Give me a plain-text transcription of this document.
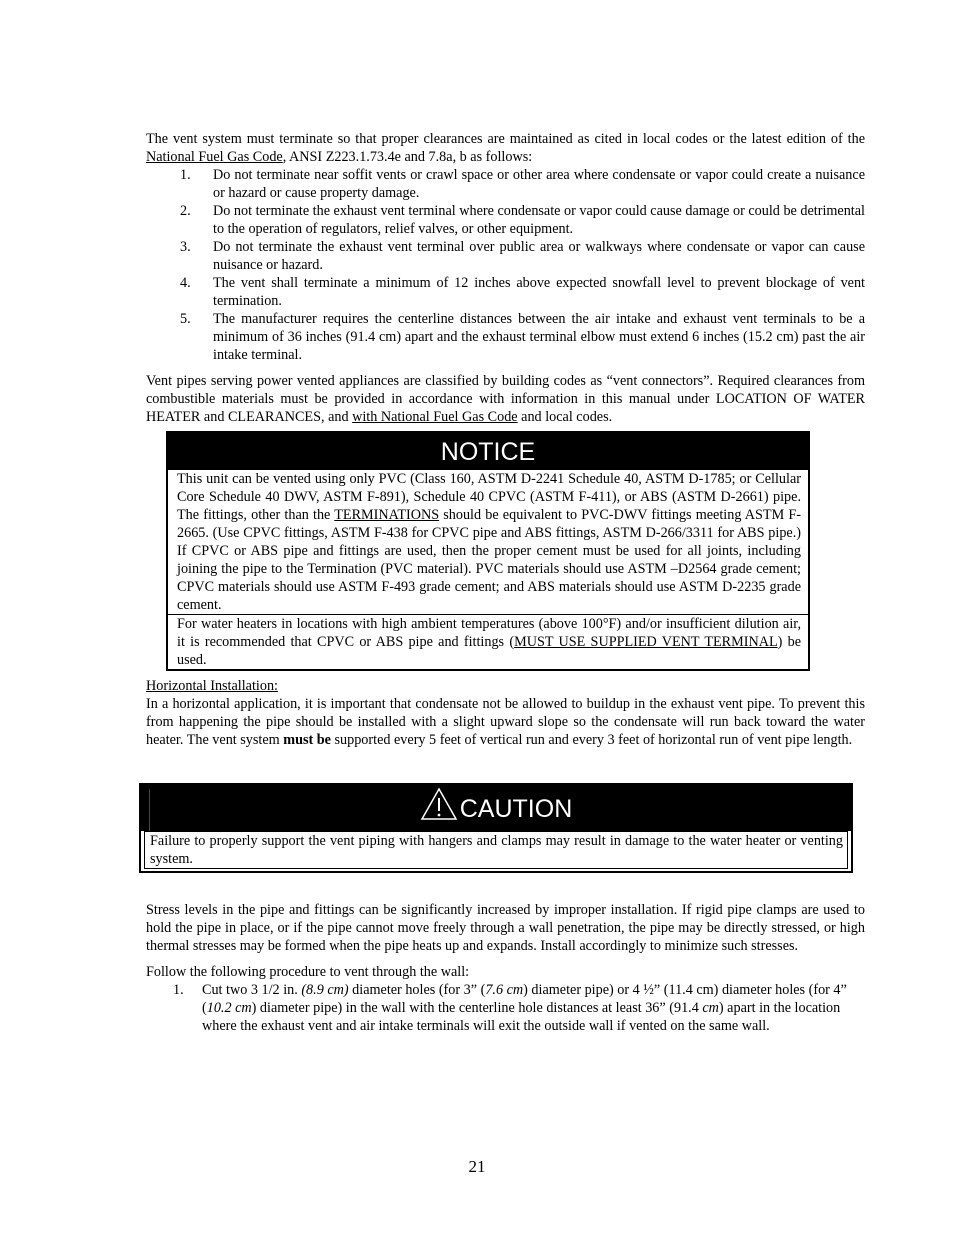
The vent system must terminate so that proper clearances are maintained as cited in local codes or the latest edition of the National Fuel Gas Code, ANSI Z223.1.73.4e and 7.8a, b as follows:

1.	Do not terminate near soffit vents or crawl space or other area where condensate or vapor could create a nuisance or hazard or cause property damage.
2.	Do not terminate the exhaust vent terminal where condensate or vapor could cause damage or could be detrimental to the operation of regulators, relief valves, or other equipment.
3.	Do not terminate the exhaust vent terminal over public area or walkways where condensate or vapor can cause nuisance or hazard.
4.	The vent shall terminate a minimum of 12 inches above expected snowfall level to prevent blockage of vent termination.
5.	The manufacturer requires the centerline distances between the air intake and exhaust vent terminals to be a minimum of 36 inches (91.4 cm) apart and the exhaust terminal elbow must extend 6 inches (15.2 cm) past the air intake terminal.

Vent pipes serving power vented appliances are classified by building codes as “vent connectors”. Required clearances from combustible materials must be provided in accordance with information in this manual under LOCATION OF WATER HEATER and CLEARANCES, and with National Fuel Gas Code and local codes.

NOTICE
This unit can be vented using only PVC (Class 160, ASTM D-2241 Schedule 40, ASTM D-1785; or Cellular Core Schedule 40 DWV, ASTM F-891), Schedule 40 CPVC (ASTM F-411), or ABS (ASTM D-2661) pipe. The fittings, other than the TERMINATIONS should be equivalent to PVC-DWV fittings meeting ASTM F-2665. (Use CPVC fittings, ASTM F-438 for CPVC pipe and ABS fittings, ASTM D-266/3311 for ABS pipe.) If CPVC or ABS pipe and fittings are used, then the proper cement must be used for all joints, including joining the pipe to the Termination (PVC material). PVC materials should use ASTM –D2564 grade cement; CPVC materials should use ASTM F-493 grade cement; and ABS materials should use ASTM D-2235 grade cement.
For water heaters in locations with high ambient temperatures (above 100°F) and/or insufficient dilution air, it is recommended that CPVC or ABS pipe and fittings (MUST USE SUPPLIED VENT TERMINAL) be used.

Horizontal Installation:

In a horizontal application, it is important that condensate not be allowed to buildup in the exhaust vent pipe. To prevent this from happening the pipe should be installed with a slight upward slope so the condensate will run back toward the water heater. The vent system must be supported every 5 feet of vertical run and every 3 feet of horizontal run of vent pipe length.

CAUTION
Failure to properly support the vent piping with hangers and clamps may result in damage to the water heater or venting system.

Stress levels in the pipe and fittings can be significantly increased by improper installation. If rigid pipe clamps are used to hold the pipe in place, or if the pipe cannot move freely through a wall penetration, the pipe may be directly stressed, or high thermal stresses may be formed when the pipe heats up and expands. Install accordingly to minimize such stresses.

Follow the following procedure to vent through the wall:

1.	Cut two 3 1/2 in. (8.9 cm) diameter holes (for 3” (7.6 cm) diameter pipe) or 4 ½” (11.4 cm) diameter holes (for 4” (10.2 cm) diameter pipe) in the wall with the centerline hole distances at least 36” (91.4 cm) apart in the location where the exhaust vent and air intake terminals will exit the outside wall if vented on the same wall.
21
